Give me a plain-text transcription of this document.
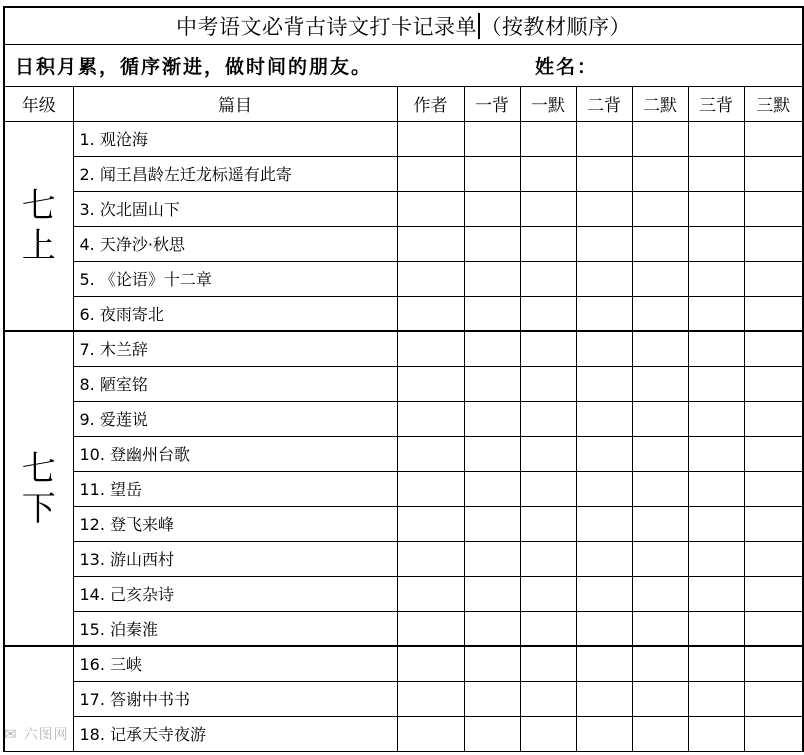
中考语文必背古诗文打卡记录单 （按教材顺序）
日积月累，循序渐进，做时间的朋友。	姓名：
年级	篇目	作者	一背	一默	二背	二默	三背	三默

七
上	1. 观沧海							
	2. 闻王昌龄左迁龙标遥有此寄							
	3. 次北固山下							
	4. 天净沙·秋思							
	5. 《论语》十二章							
	6. 夜雨寄北							

七
下	7. 木兰辞							
	8. 陋室铭							
	9. 爱莲说							
	10. 登幽州台歌							
	11. 望岳							
	12. 登飞来峰							
	13. 游山西村							
	14. 己亥杂诗							
	15. 泊秦淮							
	16. 三峡							
	17. 答谢中书书							
	18. 记承天寺夜游							
✉ 六图网
